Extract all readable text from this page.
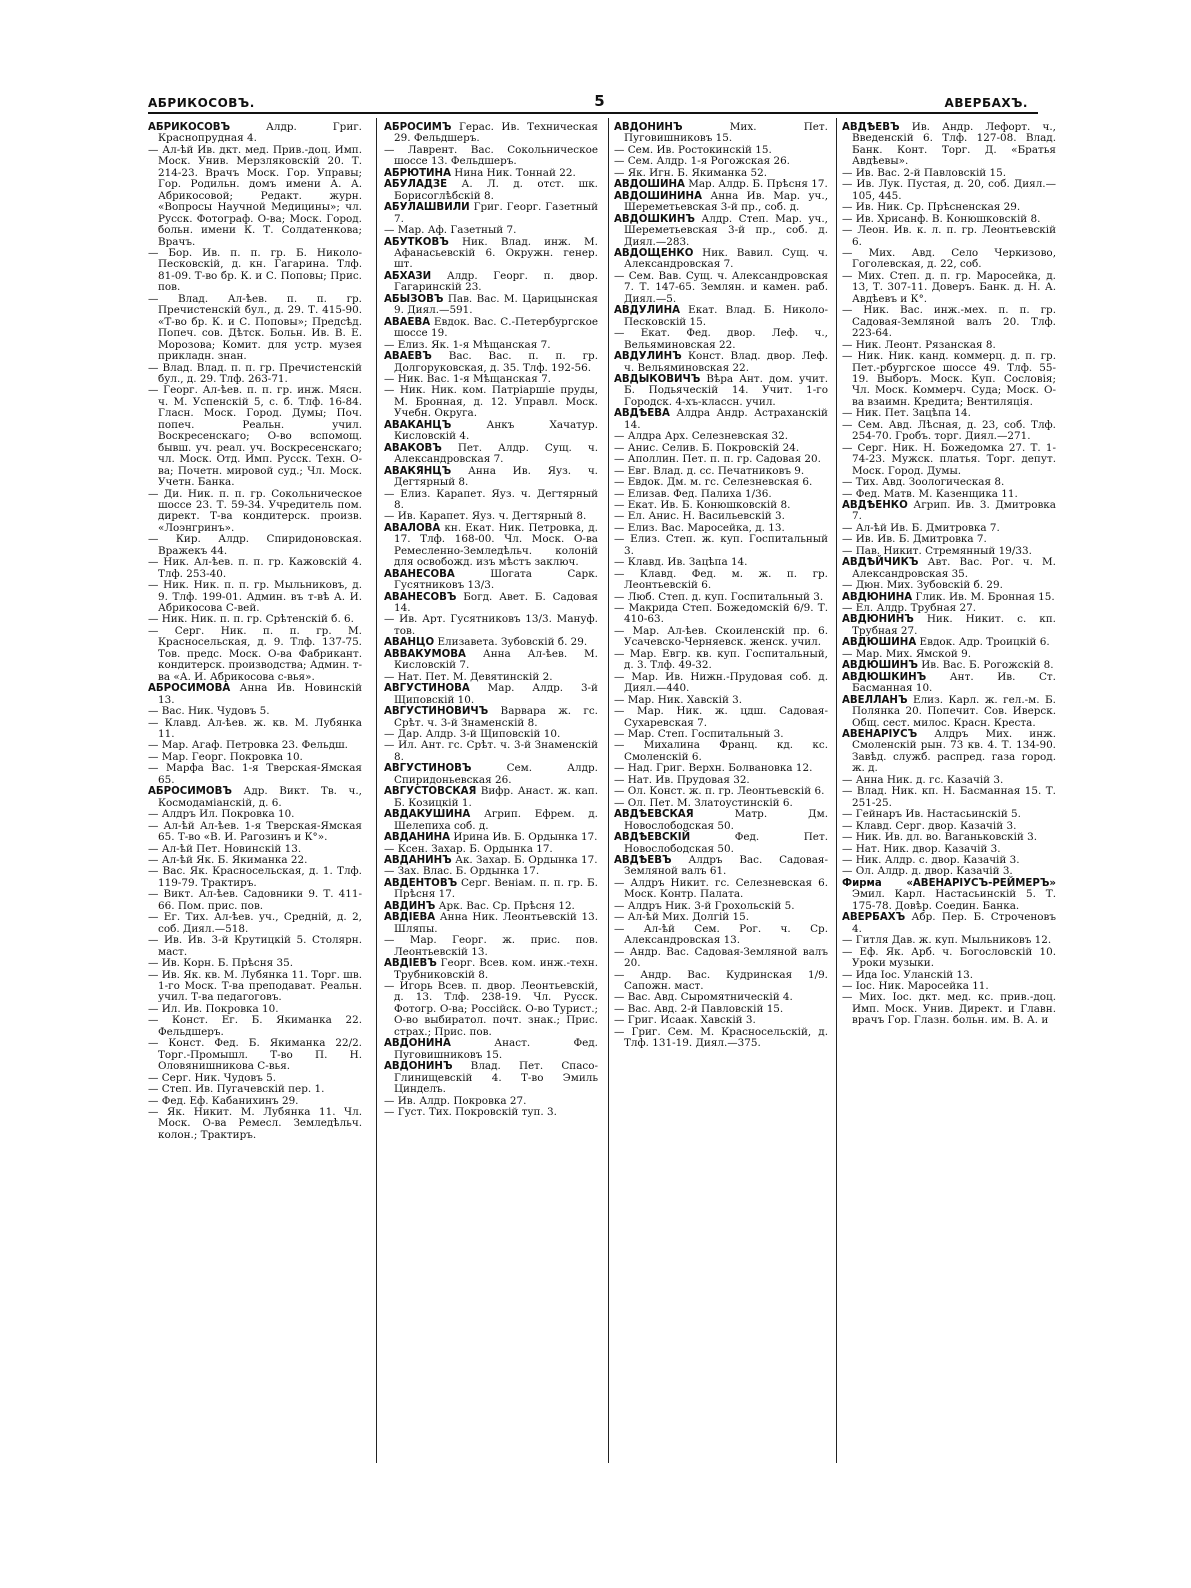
АБРИКОСОВЪ.	5	АВЕРБАХЪ.

АБРИКОСОВЪ Алдр. Григ. Краснопрудная 4.

— Ал-ѣй Ив. дкт. мед. Прив.-доц. Имп. Моск. Унив. Мерзляковскій 20. Т. 214-23. Врачъ Моск. Гор. Управы; Гор. Родильн. домъ имени А. А. Абрикосовой; Редакт. журн. «Вопросы Научной Медицины»; чл. Русск. Фотограф. О-ва; Моск. Город. больн. имени К. Т. Солдатенкова; Врачъ.

— Бор. Ив. п. п. гр. Б. Николо-Песковскій, д. кн. Гагарина. Тлф. 81-09. Т-во бр. К. и С. Поповы; Прис. пов.

— Влад. Ал-ѣев. п. п. гр. Пречистенскій бул., д. 29. Т. 415-90. «Т-во бр. К. и С. Поповы»; Предсѣд. Попеч. сов. Дѣтск. Больн. Ив. В. Е. Морозова; Комит. для устр. музея прикладн. знан.

— Влад. Влад. п. п. гр. Пречистенскій бул., д. 29. Тлф. 263-71.

— Георг. Ал-ѣев. п. п. гр. инж. Мясн. ч. М. Успенскій 5, с. б. Тлф. 16-84. Гласн. Моск. Город. Думы; Поч. попеч. Реальн. учил. Воскресенскаго; О-во вспомощ. бывш. уч. реал. уч. Воскресенскаго; чл. Моск. Отд. Имп. Русск. Техн. О-ва; Почетн. мировой суд.; Чл. Моск. Учетн. Банка.

— Ди. Ник. п. п. гр. Сокольническое шоссе 23. Т. 59-34. Учредитель пом. директ. Т-ва кондитерск. произв. «Лоэнгринъ».

— Кир. Алдр. Спиридоновская. Вражекъ 44.

— Ник. Ал-ѣев. п. п. гр. Кажовскій 4. Тлф. 253-40.

— Ник. Ник. п. п. гр. Мыльниковъ, д. 9. Тлф. 199-01. Админ. въ т-вѣ А. И. Абрикосова С-вей.

— Ник. Ник. п. п. гр. Срѣтенскій б. 6.

— Серг. Ник. п. п. гр. М. Красносельская, д. 9. Тлф. 137-75. Тов. предс. Моск. О-ва Фабрикант. кондитерск. производства; Админ. т-ва «А. И. Абрикосова с-вья».

АБРОСИМОВА Анна Ив. Новинскій 13.

— Вас. Ник. Чудовъ 5.

— Клавд. Ал-ѣев. ж. кв. М. Лубянка 11.

— Мар. Агаф. Петровка 23. Фельдш.

— Мар. Георг. Покровка 10.

— Марфа Вас. 1-я Тверская-Ямская 65.

АБРОСИМОВЪ Адр. Викт. Тв. ч., Космодаміанскій, д. 6.

— Алдръ Ил. Покровка 10.

— Ал-ѣй Ал-ѣев. 1-я Тверская-Ямская 65. Т-во «В. И. Рагозинъ и К°».

— Ал-ѣй Пет. Новинскій 13.

— Ал-ѣй Як. Б. Якиманка 22.

— Вас. Як. Красносельская, д. 1. Тлф. 119-79. Трактиръ.

— Викт. Ал-ѣев. Садовники 9. Т. 411-66. Пом. прис. пов.

— Ег. Тих. Ал-ѣев. уч., Средній, д. 2, соб. Диял.—518.

— Ив. Ив. 3-й Крутицкій 5. Столярн. маст.

— Ив. Корн. Б. Прѣсня 35.

— Ив. Як. кв. М. Лубянка 11. Торг. шв. 1-го Моск. Т-ва преподават. Реальн. учил. Т-ва педагоговъ.

— Ил. Ив. Покровка 10.

— Конст. Ег. Б. Якиманка 22. Фельдшеръ.

— Конст. Фед. Б. Якиманка 22/2. Торг.-Промышл. Т-во П. Н. Оловянишникова С-вья.

— Серг. Ник. Чудовъ 5.

— Степ. Ив. Пугачевскій пер. 1.

— Фед. Еф. Кабанихинъ 29.

— Як. Никит. М. Лубянка 11. Чл. Моск. О-ва Ремесл. Земледѣльч. колон.; Трактиръ.

АБРОСИМЪ Герас. Ив. Техническая 29. Фельдшеръ.

— Лаврент. Вас. Сокольническое шоссе 13. Фельдшеръ.

АБРЮТИНА Нина Ник. Тоннай 22.

АБУЛАДЗЕ А. Л. д. отст. шк. Борисоглѣбскій 8.

АБУЛАШВИЛИ Григ. Георг. Газетный 7.

— Мар. Аф. Газетный 7.

АБУТКОВЪ Ник. Влад. инж. М. Афанасьевскій 6. Окружн. генер. шт.

АБХАЗИ Алдр. Георг. п. двор. Гагаринскій 23.

АБЫЗОВЪ Пав. Вас. М. Царицынская 9. Диял.—591.

АВАЕВА Евдок. Вас. С.-Петербургское шоссе 19.

— Елиз. Як. 1-я Мѣщанская 7.

АВАЕВЪ Вас. Вас. п. п. гр. Долгоруковская, д. 35. Тлф. 192-56.

— Ник. Вас. 1-я Мѣщанская 7.

— Ник. Ник. ком. Патріаршіе пруды, М. Бронная, д. 12. Управл. Моск. Учебн. Округа.

АВАКАНЦЪ Анкъ Хачатур. Кисловскій 4.

АВАКОВЪ Пет. Алдр. Сущ. ч. Александровская 7.

АВАКЯНЦЪ Анна Ив. Яуз. ч. Дегтярный 8.

— Елиз. Карапет. Яуз. ч. Дегтярный 8.

— Ив. Карапет. Яуз. ч. Дегтярный 8.

АВАЛОВА кн. Екат. Ник. Петровка, д. 17. Тлф. 168-00. Чл. Моск. О-ва Ремесленно-Земледѣльч. колоній для освобожд. изъ мѣстъ заключ.

АВАНЕСОВА Шогата Сарк. Гусятниковъ 13/3.

АВАНЕСОВЪ Богд. Авет. Б. Садовая 14.

— Ив. Арт. Гусятниковъ 13/3. Мануф. тов.

АВАНЦО Елизавета. Зубовскій б. 29.

АВВАКУМОВА Анна Ал-ѣев. М. Кисловскій 7.

— Нат. Пет. М. Девятинскій 2.

АВГУСТИНОВА Мар. Алдр. 3-й Щиповскій 10.

АВГУСТИНОВИЧЪ Варвара ж. гс. Срѣт. ч. 3-й Знаменскій 8.

— Дар. Алдр. 3-й Щиповскій 10.

— Ил. Ант. гс. Срѣт. ч. 3-й Знаменскій 8.

АВГУСТИНОВЪ Сем. Алдр. Спиридоньевская 26.

АВГУСТОВСКАЯ Вифр. Анаст. ж. кап. Б. Козицкій 1.

АВДАКУШИНА Агрип. Ефрем. д. Шелепиха соб. д.

АВДАНИНА Ирина Ив. Б. Ордынка 17.

— Ксен. Захар. Б. Ордынка 17.

АВДАНИНЪ Ак. Захар. Б. Ордынка 17.

— Зах. Влас. Б. Ордынка 17.

АВДЕНТОВЪ Серг. Веніам. п. п. гр. Б. Прѣсня 17.

АВДИНЪ Арк. Вас. Ср. Прѣсня 12.

АВДІЕВА Анна Ник. Леонтьевскій 13. Шляпы.

— Мар. Георг. ж. прис. пов. Леонтьевскій 13.

АВДІЕВЪ Георг. Всев. ком. инж.-техн. Трубниковскій 8.

— Игорь Всев. п. двор. Леонтьевскій, д. 13. Тлф. 238-19. Чл. Русск. Фотогр. О-ва; Россійск. О-во Турист.; О-во выбиратол. почт. знак.; Прис. страх.; Прис. пов.

АВДОНИНА Анаст. Фед. Пуговишниковъ 15.

АВДОНИНЪ Влад. Пет. Спасо-Глинищевскій 4. Т-во Эмиль Цинделъ.

— Ив. Алдр. Покровка 27.

— Густ. Тих. Покровскій туп. 3.

АВДОНИНЪ Мих. Пет. Пуговишниковъ 15.

— Сем. Ив. Ростокинскій 15.

— Сем. Алдр. 1-я Рогожская 26.

— Як. Игн. Б. Якиманка 52.

АВДОШИНА Мар. Алдр. Б. Прѣсня 17.

АВДОШИНИНА Анна Ив. Мар. уч., Шереметьевская 3-й пр., соб. д.

АВДОШКИНЪ Алдр. Степ. Мар. уч., Шереметьевская 3-й пр., соб. д. Диял.—283.

АВДОЩЕНКО Ник. Вавил. Сущ. ч. Александровская 7.

— Сем. Вав. Сущ. ч. Александровская 7. Т. 147-65. Землян. и камен. раб. Диял.—5.

АВДУЛИНА Екат. Влад. Б. Николо-Песковскій 15.

— Екат. Фед. двор. Леф. ч., Вельяминовская 22.

АВДУЛИНЪ Конст. Влад. двор. Леф. ч. Вельяминовская 22.

АВДЫКОВИЧЪ Вѣра Ант. дом. учит. Б. Подьяческій 14. Учит. 1-го Городск. 4-хъ-классн. учил.

АВДѢЕВА Алдра Андр. Астраханскій 14.

— Алдра Арх. Селезневская 32.

— Анис. Селив. Б. Покровскій 24.

— Аполлин. Пет. п. п. гр. Садовая 20.

— Евг. Влад. д. сс. Печатниковъ 9.

— Евдок. Дм. м. гс. Селезневская 6.

— Елизав. Фед. Палиха 1/36.

— Екат. Ив. Б. Конюшковскій 8.

— Ел. Анис. Н. Васильевскій 3.

— Елиз. Вас. Маросейка, д. 13.

— Елиз. Степ. ж. куп. Госпитальный 3.

— Клавд. Ив. Зацѣпа 14.

— Клавд. Фед. м. ж. п. гр. Леонтьевскій 6.

— Люб. Степ. д. куп. Госпитальный 3.

— Макрида Степ. Божедомскій 6/9. Т. 410-63.

— Мар. Ал-ѣев. Скоиленскій пр. 6. Усачевско-Черняевск. женск. учил.

— Мар. Евгр. кв. куп. Госпитальный, д. 3. Тлф. 49-32.

— Мар. Ив. Нижн.-Прудовая соб. д. Диял.—440.

— Мар. Ник. Хавскій 3.

— Мар. Ник. ж. цдш. Садовая-Сухаревская 7.

— Мар. Степ. Госпитальный 3.

— Михалина Франц. кд. кс. Смоленскій 6.

— Над. Григ. Верхн. Болвановка 12.

— Нат. Ив. Прудовая 32.

— Ол. Конст. ж. п. гр. Леонтьевскій 6.

— Ол. Пет. М. Златоустинскій 6.

АВДѢЕВСКАЯ Матр. Дм. Новослободская 50.

АВДѢЕВСКІЙ Фед. Пет. Новослободская 50.

АВДѢЕВЪ Алдръ Вас. Садовая-Земляной валъ 61.

— Алдръ Никит. гс. Селезневская 6. Моск. Контр. Палата.

— Алдръ Ник. 3-й Грохольскій 5.

— Ал-ѣй Мих. Долгій 15.

— Ал-ѣй Сем. Рог. ч. Ср. Александровская 13.

— Андр. Вас. Садовая-Земляной валъ 20.

— Андр. Вас. Кудринская 1/9. Сапожн. маст.

— Вас. Авд. Сыромятническій 4.

— Вас. Авд. 2-й Павловскій 15.

— Григ. Исаак. Хавскій 3.

— Григ. Сем. М. Красносельскій, д. Тлф. 131-19. Диял.—375.

АВДѢЕВЪ Ив. Андр. Лефорт. ч., Введенскій 6. Тлф. 127-08. Влад. Банк. Конт. Торг. Д. «Братья Авдѣевы».

— Ив. Вас. 2-й Павловскій 15.

— Ив. Лук. Пустая, д. 20, соб. Диял.—105, 445.

— Ив. Ник. Ср. Прѣсненская 29.

— Ив. Хрисанф. В. Конюшковскій 8.

— Леон. Ив. к. л. п. гр. Леонтьевскій 6.

— Мих. Авд. Село Черкизово, Гоголевская, д. 22, соб.

— Мих. Степ. д. п. гр. Маросейка, д. 13, Т. 307-11. Доверъ. Банк. д. Н. А. Авдѣевъ и К°.

— Ник. Вас. инж.-мех. п. п. гр. Садовая-Земляной валъ 20. Тлф. 223-64.

— Ник. Леонт. Рязанская 8.

— Ник. Ник. канд. коммерц. д. п. гр. Пет.-рбургское шоссе 49. Тлф. 55-19. Выборъ. Моск. Куп. Сословія; Чл. Моск. Коммерч. Суда; Моск. О-ва взаимн. Кредита; Вентиляція.

— Ник. Пет. Зацѣпа 14.

— Сем. Авд. Лѣсная, д. 23, соб. Тлф. 254-70. Гробъ. торг. Диял.—271.

— Серг. Ник. Н. Божедомка 27. Т. 1-74-23. Мужск. платья. Торг. депут. Моск. Город. Думы.

— Тих. Авд. Зоологическая 8.

— Фед. Матв. М. Казенщика 11.

АВДѢЕНКО Агрип. Ив. 3. Дмитровка 7.

— Ал-ѣй Ив. Б. Дмитровка 7.

— Ив. Ив. Б. Дмитровка 7.

— Пав. Никит. Стремянный 19/33.

АВДѢЙЧИКЪ Авт. Вас. Рог. ч. М. Александровская 35.

— Дюн. Мих. Зубовскій б. 29.

АВДЮНИНА Глик. Ив. М. Бронная 15.

— Ел. Алдр. Трубная 27.

АВДЮНИНЪ Ник. Никит. с. кп. Трубная 27.

АВДЮШИНА Евдок. Адр. Троицкій 6.

— Мар. Мих. Ямской 9.

АВДЮШИНЪ Ив. Вас. Б. Рогожскій 8.

АВДЮШКИНЪ Ант. Ив. Ст. Басманная 10.

АВЕЛЛАНЪ Елиз. Карл. ж. гел.-м. Б. Полянка 20. Попечит. Сов. Иверск. Общ. сест. милос. Красн. Креста.

АВЕНАРІУСЪ Алдръ Мих. инж. Смоленскій рын. 73 кв. 4. Т. 134-90. Завѣд. служб. распред. газа город. ж. д.

— Анна Ник. д. гс. Казачій 3.

— Влад. Ник. кп. Н. Басманная 15. Т. 251-25.

— Гейнаръ Ив. Настасьинскій 5.

— Клавд. Серг. двор. Казачій 3.

— Ник. Ив. дл. во. Ваганьковскій 3.

— Нат. Ник. двор. Казачій 3.

— Ник. Алдр. с. двор. Казачій 3.

— Ол. Алдр. д. двор. Казачій 3.

Фирма «АВЕНАРІУСЪ-РЕЙМЕРЪ» Эмил. Карл. Настасьинскій 5. Т. 175-78. Довѣр. Соедин. Банка.

АВЕРБАХЪ Абр. Пер. Б. Строченовъ 4.

— Гитля Дав. ж. куп. Мыльниковъ 12.

— Еф. Як. Арб. ч. Богословскій 10. Уроки музыки.

— Ида Іос. Уланскій 13.

— Іос. Ник. Маросейка 11.

— Мих. Іос. дкт. мед. кс. прив.-доц. Имп. Моск. Унив. Директ. и Главн. врачъ Гор. Глазн. больн. им. В. А. и
